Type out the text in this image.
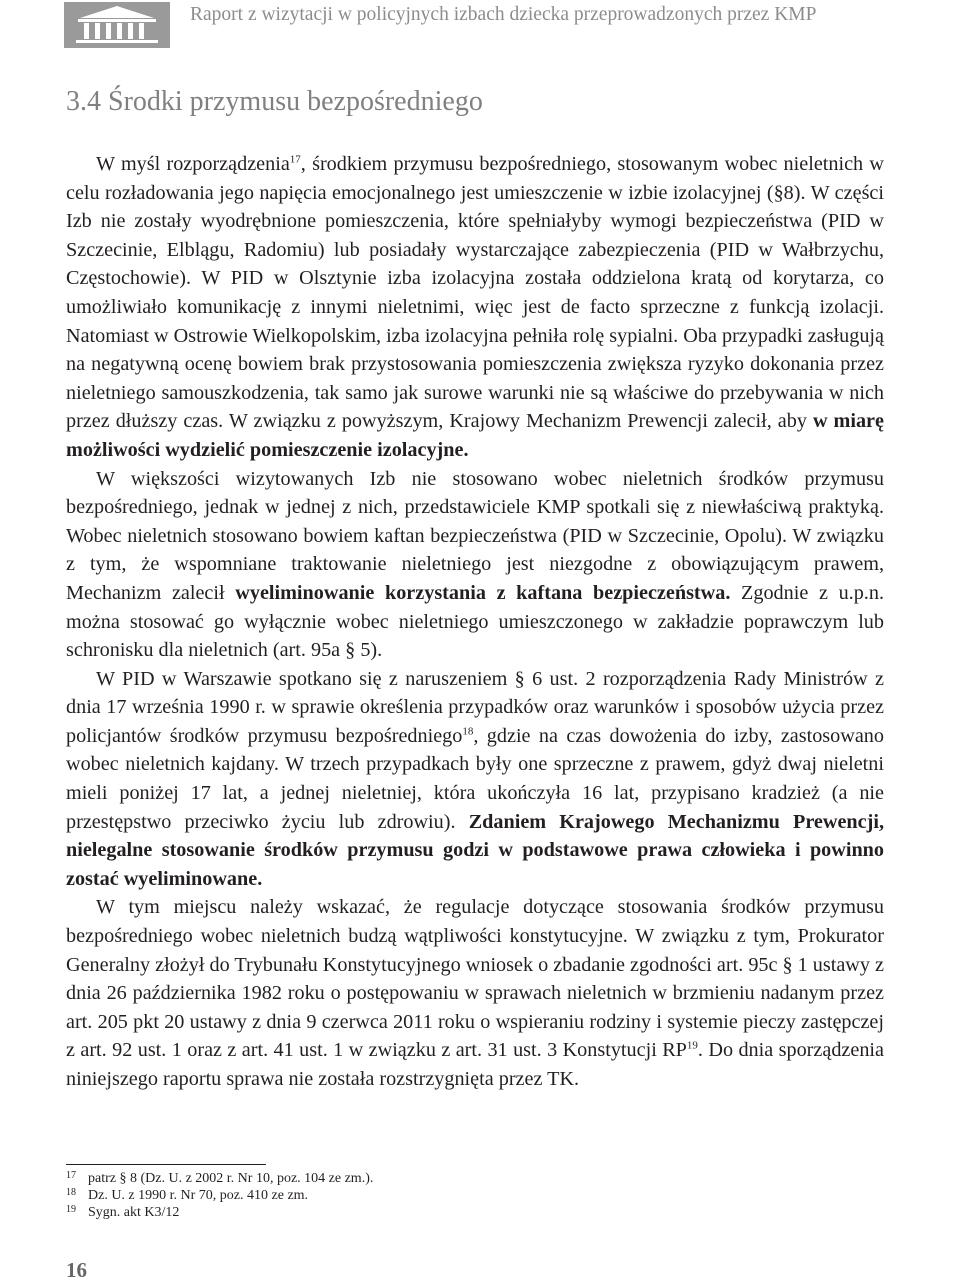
Raport z wizytacji w policyjnych izbach dziecka przeprowadzonych przez KMP
3.4 Środki przymusu bezpośredniego

W myśl rozporządzenia$^{17}$, środkiem przymusu bezpośredniego, stosowanym wobec nieletnich w celu rozładowania jego napięcia emocjonalnego jest umieszczenie w izbie izolacyjnej (§8). W części Izb nie zostały wyodrębnione pomieszczenia, które spełniałyby wymogi bezpieczeństwa (PID w Szczecinie, Elblągu, Radomiu) lub posiadały wystarczające zabezpieczenia (PID w Wałbrzychu, Częstochowie). W PID w Olsztynie izba izolacyjna została oddzielona kratą od korytarza, co umożliwiało komunikację z innymi nieletnimi, więc jest de facto sprzeczne z funkcją izolacji. Natomiast w Ostrowie Wielkopolskim, izba izolacyjna pełniła rolę sypialni. Oba przypadki zasługują na negatywną ocenę bowiem brak przystosowania pomieszczenia zwiększa ryzyko dokonania przez nieletniego samouszkodzenia, tak samo jak surowe warunki nie są właściwe do przebywania w nich przez dłuższy czas. W związku z powyższym, Krajowy Mechanizm Prewencji zalecił, aby w miarę możliwości wydzielić pomieszczenie izolacyjne.

W większości wizytowanych Izb nie stosowano wobec nieletnich środków przymusu bezpośredniego, jednak w jednej z nich, przedstawiciele KMP spotkali się z niewłaściwą praktyką. Wobec nieletnich stosowano bowiem kaftan bezpieczeństwa (PID w Szczecinie, Opolu). W związku z tym, że wspomniane traktowanie nieletniego jest niezgodne z obowiązującym prawem, Mechanizm zalecił wyeliminowanie korzystania z kaftana bezpieczeństwa. Zgodnie z u.p.n. można stosować go wyłącznie wobec nieletniego umieszczonego w zakładzie poprawczym lub schronisku dla nieletnich (art. 95a § 5).

W PID w Warszawie spotkano się z naruszeniem § 6 ust. 2 rozporządzenia Rady Ministrów z dnia 17 września 1990 r. w sprawie określenia przypadków oraz warunków i sposobów użycia przez policjantów środków przymusu bezpośredniego$^{18}$, gdzie na czas dowożenia do izby, zastosowano wobec nieletnich kajdany. W trzech przypadkach były one sprzeczne z prawem, gdyż dwaj nieletni mieli poniżej 17 lat, a jednej nieletniej, która ukończyła 16 lat, przypisano kradzież (a nie przestępstwo przeciwko życiu lub zdrowiu). Zdaniem Krajowego Mechanizmu Prewencji, nielegalne stosowanie środków przymusu godzi w podstawowe prawa człowieka i powinno zostać wyeliminowane.

W tym miejscu należy wskazać, że regulacje dotyczące stosowania środków przymusu bezpośredniego wobec nieletnich budzą wątpliwości konstytucyjne. W związku z tym, Prokurator Generalny złożył do Trybunału Konstytucyjnego wniosek o zbadanie zgodności art. 95c § 1 ustawy z dnia 26 października 1982 roku o postępowaniu w sprawach nieletnich w brzmieniu nadanym przez art. 205 pkt 20 ustawy z dnia 9 czerwca 2011 roku o wspieraniu rodziny i systemie pieczy zastępczej z art. 92 ust. 1 oraz z art. 41 ust. 1 w związku z art. 31 ust. 3 Konstytucji RP$^{19}$. Do dnia sporządzenia niniejszego raportu sprawa nie została rozstrzygnięta przez TK.

17 patrz § 8 (Dz. U. z 2002 r. Nr 10, poz. 104 ze zm.).
18 Dz. U. z 1990 r. Nr 70, poz. 410 ze zm.
19 Sygn. akt K3/12
16
